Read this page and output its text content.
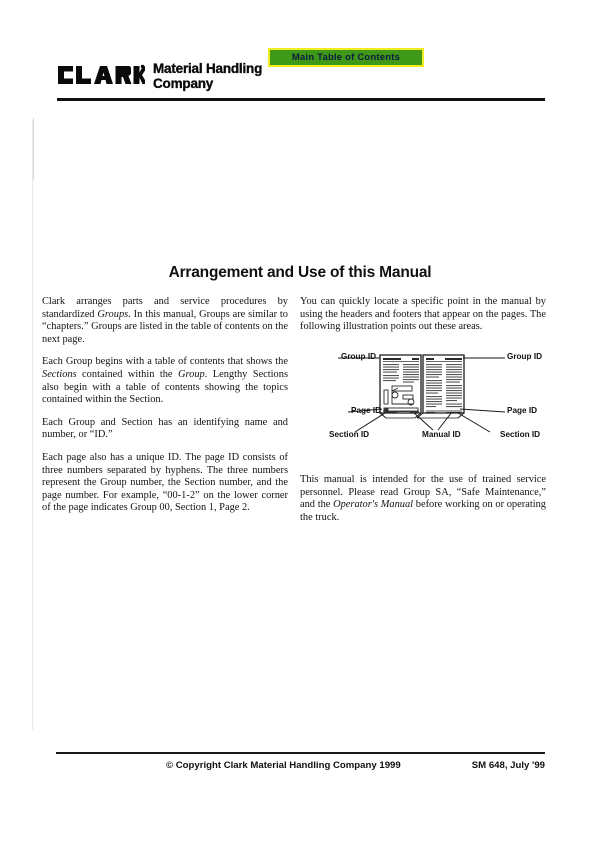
Main Table of Contents
Material Handling
Company
Arrangement and Use of this Manual

Clark arranges parts and service procedures by standardized Groups. In this manual, Groups are similar to “chapters.” Groups are listed in the table of contents on the next page.

Each Group begins with a table of contents that shows the Sections contained within the Group. Lengthy Sections also begin with a table of contents showing the topics contained within the Section.

Each Group and Section has an identifying name and number, or “ID.”

Each page also has a unique ID. The page ID consists of three numbers separated by hyphens. The three numbers represent the Group number, the Section number, and the page number. For example, “00-1-2” on the lower corner of the page indicates Group 00, Section 1, Page 2.

You can quickly locate a specific point in the manual by using the headers and footers that appear on the pages. The following illustration points out these areas.

Group ID	Group ID
Page ID	Page ID
Section ID	Section ID
Manual ID

This manual is intended for the use of trained service personnel. Please read Group SA, “Safe Maintenance,” and the Operator's Manual before working on or operating the truck.

© Copyright Clark Material Handling Company 1999	SM 648, July '99
